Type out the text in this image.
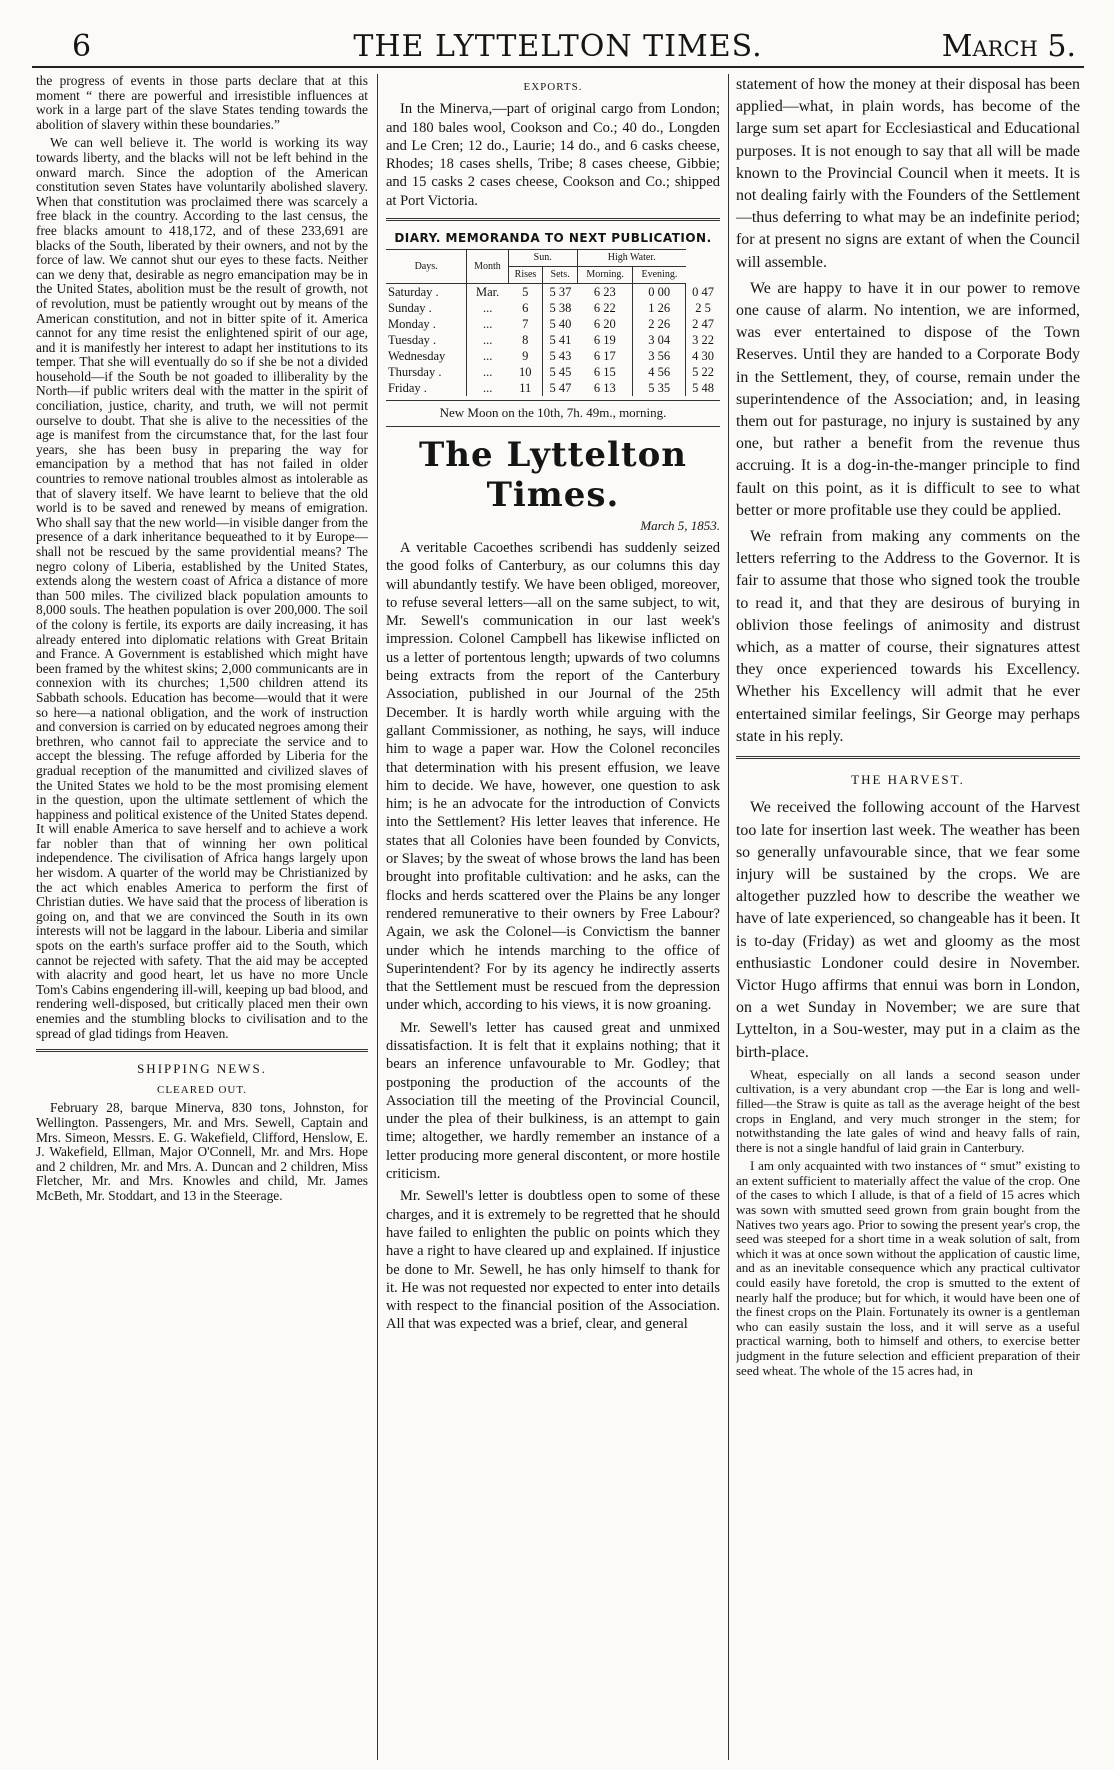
6	THE LYTTELTON TIMES.	March 5.

the progress of events in those parts declare that at this moment “ there are powerful and irresistible influences at work in a large part of the slave States tending towards the abolition of slavery within these boundaries.”

We can well believe it. The world is working its way towards liberty, and the blacks will not be left behind in the onward march. Since the adoption of the American constitution seven States have voluntarily abolished slavery. When that constitution was proclaimed there was scarcely a free black in the country. According to the last census, the free blacks amount to 418,172, and of these 233,691 are blacks of the South, liberated by their owners, and not by the force of law. We cannot shut our eyes to these facts. Neither can we deny that, desirable as negro emancipation may be in the United States, abolition must be the result of growth, not of revolution, must be patiently wrought out by means of the American constitution, and not in bitter spite of it. America cannot for any time resist the enlightened spirit of our age, and it is manifestly her interest to adapt her institutions to its temper. That she will eventually do so if she be not a divided household—if the South be not goaded to illiberality by the North—if public writers deal with the matter in the spirit of conciliation, justice, charity, and truth, we will not permit ourselve to doubt. That she is alive to the necessities of the age is manifest from the circumstance that, for the last four years, she has been busy in preparing the way for emancipation by a method that has not failed in older countries to remove national troubles almost as intolerable as that of slavery itself. We have learnt to believe that the old world is to be saved and renewed by means of emigration. Who shall say that the new world—in visible danger from the presence of a dark inheritance bequeathed to it by Europe—shall not be rescued by the same providential means? The negro colony of Liberia, established by the United States, extends along the western coast of Africa a distance of more than 500 miles. The civilized black population amounts to 8,000 souls. The heathen population is over 200,000. The soil of the colony is fertile, its exports are daily increasing, it has already entered into diplomatic relations with Great Britain and France. A Government is established which might have been framed by the whitest skins; 2,000 communicants are in connexion with its churches; 1,500 children attend its Sabbath schools. Education has become—would that it were so here—a national obligation, and the work of instruction and conversion is carried on by educated negroes among their brethren, who cannot fail to appreciate the service and to accept the blessing. The refuge afforded by Liberia for the gradual reception of the manumitted and civilized slaves of the United States we hold to be the most promising element in the question, upon the ultimate settlement of which the happiness and political existence of the United States depend. It will enable America to save herself and to achieve a work far nobler than that of winning her own political independence. The civilisation of Africa hangs largely upon her wisdom. A quarter of the world may be Christianized by the act which enables America to perform the first of Christian duties. We have said that the process of liberation is going on, and that we are convinced the South in its own interests will not be laggard in the labour. Liberia and similar spots on the earth's surface proffer aid to the South, which cannot be rejected with safety. That the aid may be accepted with alacrity and good heart, let us have no more Uncle Tom's Cabins engendering ill-will, keeping up bad blood, and rendering well-disposed, but critically placed men their own enemies and the stumbling blocks to civilisation and to the spread of glad tidings from Heaven.

SHIPPING NEWS.

CLEARED OUT.

February 28, barque Minerva, 830 tons, Johnston, for Wellington. Passengers, Mr. and Mrs. Sewell, Captain and Mrs. Simeon, Messrs. E. G. Wakefield, Clifford, Henslow, E. J. Wakefield, Ellman, Major O'Connell, Mr. and Mrs. Hope and 2 children, Mr. and Mrs. A. Duncan and 2 children, Miss Fletcher, Mr. and Mrs. Knowles and child, Mr. James McBeth, Mr. Stoddart, and 13 in the Steerage.

EXPORTS.

In the Minerva,—part of original cargo from London; and 180 bales wool, Cookson and Co.; 40 do., Longden and Le Cren; 12 do., Laurie; 14 do., and 6 casks cheese, Rhodes; 18 cases shells, Tribe; 8 cases cheese, Gibbie; and 15 casks 2 cases cheese, Cookson and Co.; shipped at Port Victoria.

DIARY. MEMORANDA TO NEXT PUBLICATION.
Days.	Month	Sun.		High Water.		
		Rises	Sets.	Morning.	Evening.	
Saturday .	Mar.	5	5 37	6 23	0 00	0 47
Sunday .	...	6	5 38	6 22	1 26	2 5
Monday .	...	7	5 40	6 20	2 26	2 47
Tuesday .	...	8	5 41	6 19	3 04	3 22
Wednesday	...	9	5 43	6 17	3 56	4 30
Thursday .	...	10	5 45	6 15	4 56	5 22
Friday .	...	11	5 47	6 13	5 35	5 48
New Moon on the 10th, 7h. 49m., morning.
The Lyttelton Times.
March 5, 1853.

A veritable Cacoethes scribendi has suddenly seized the good folks of Canterbury, as our columns this day will abundantly testify. We have been obliged, moreover, to refuse several letters—all on the same subject, to wit, Mr. Sewell's communication in our last week's impression. Colonel Campbell has likewise inflicted on us a letter of portentous length; upwards of two columns being extracts from the report of the Canterbury Association, published in our Journal of the 25th December. It is hardly worth while arguing with the gallant Commissioner, as nothing, he says, will induce him to wage a paper war. How the Colonel reconciles that determination with his present effusion, we leave him to decide. We have, however, one question to ask him; is he an advocate for the introduction of Convicts into the Settlement? His letter leaves that inference. He states that all Colonies have been founded by Convicts, or Slaves; by the sweat of whose brows the land has been brought into profitable cultivation: and he asks, can the flocks and herds scattered over the Plains be any longer rendered remunerative to their owners by Free Labour? Again, we ask the Colonel—is Convictism the banner under which he intends marching to the office of Superintendent? For by its agency he indirectly asserts that the Settlement must be rescued from the depression under which, according to his views, it is now groaning.

Mr. Sewell's letter has caused great and unmixed dissatisfaction. It is felt that it explains nothing; that it bears an inference unfavourable to Mr. Godley; that postponing the production of the accounts of the Association till the meeting of the Provincial Council, under the plea of their bulkiness, is an attempt to gain time; altogether, we hardly remember an instance of a letter producing more general discontent, or more hostile criticism.

Mr. Sewell's letter is doubtless open to some of these charges, and it is extremely to be regretted that he should have failed to enlighten the public on points which they have a right to have cleared up and explained. If injustice be done to Mr. Sewell, he has only himself to thank for it. He was not requested nor expected to enter into details with respect to the financial position of the Association. All that was expected was a brief, clear, and general

statement of how the money at their disposal has been applied—what, in plain words, has become of the large sum set apart for Ecclesiastical and Educational purposes. It is not enough to say that all will be made known to the Provincial Council when it meets. It is not dealing fairly with the Founders of the Settlement—thus deferring to what may be an indefinite period; for at present no signs are extant of when the Council will assemble.

We are happy to have it in our power to remove one cause of alarm. No intention, we are informed, was ever entertained to dispose of the Town Reserves. Until they are handed to a Corporate Body in the Settlement, they, of course, remain under the superintendence of the Association; and, in leasing them out for pasturage, no injury is sustained by any one, but rather a benefit from the revenue thus accruing. It is a dog-in-the-manger principle to find fault on this point, as it is difficult to see to what better or more profitable use they could be applied.

We refrain from making any comments on the letters referring to the Address to the Governor. It is fair to assume that those who signed took the trouble to read it, and that they are desirous of burying in oblivion those feelings of animosity and distrust which, as a matter of course, their signatures attest they once experienced towards his Excellency. Whether his Excellency will admit that he ever entertained similar feelings, Sir George may perhaps state in his reply.

THE HARVEST.

We received the following account of the Harvest too late for insertion last week. The weather has been so generally unfavourable since, that we fear some injury will be sustained by the crops. We are altogether puzzled how to describe the weather we have of late experienced, so changeable has it been. It is to-day (Friday) as wet and gloomy as the most enthusiastic Londoner could desire in November. Victor Hugo affirms that ennui was born in London, on a wet Sunday in November; we are sure that Lyttelton, in a Sou-wester, may put in a claim as the birth-place.

Wheat, especially on all lands a second season under cultivation, is a very abundant crop —the Ear is long and well-filled—the Straw is quite as tall as the average height of the best crops in England, and very much stronger in the stem; for notwithstanding the late gales of wind and heavy falls of rain, there is not a single handful of laid grain in Canterbury.

I am only acquainted with two instances of “ smut” existing to an extent sufficient to materially affect the value of the crop. One of the cases to which I allude, is that of a field of 15 acres which was sown with smutted seed grown from grain bought from the Natives two years ago. Prior to sowing the present year's crop, the seed was steeped for a short time in a weak solution of salt, from which it was at once sown without the application of caustic lime, and as an inevitable consequence which any practical cultivator could easily have foretold, the crop is smutted to the extent of nearly half the produce; but for which, it would have been one of the finest crops on the Plain. Fortunately its owner is a gentleman who can easily sustain the loss, and it will serve as a useful practical warning, both to himself and others, to exercise better judgment in the future selection and efficient preparation of their seed wheat. The whole of the 15 acres had, in
